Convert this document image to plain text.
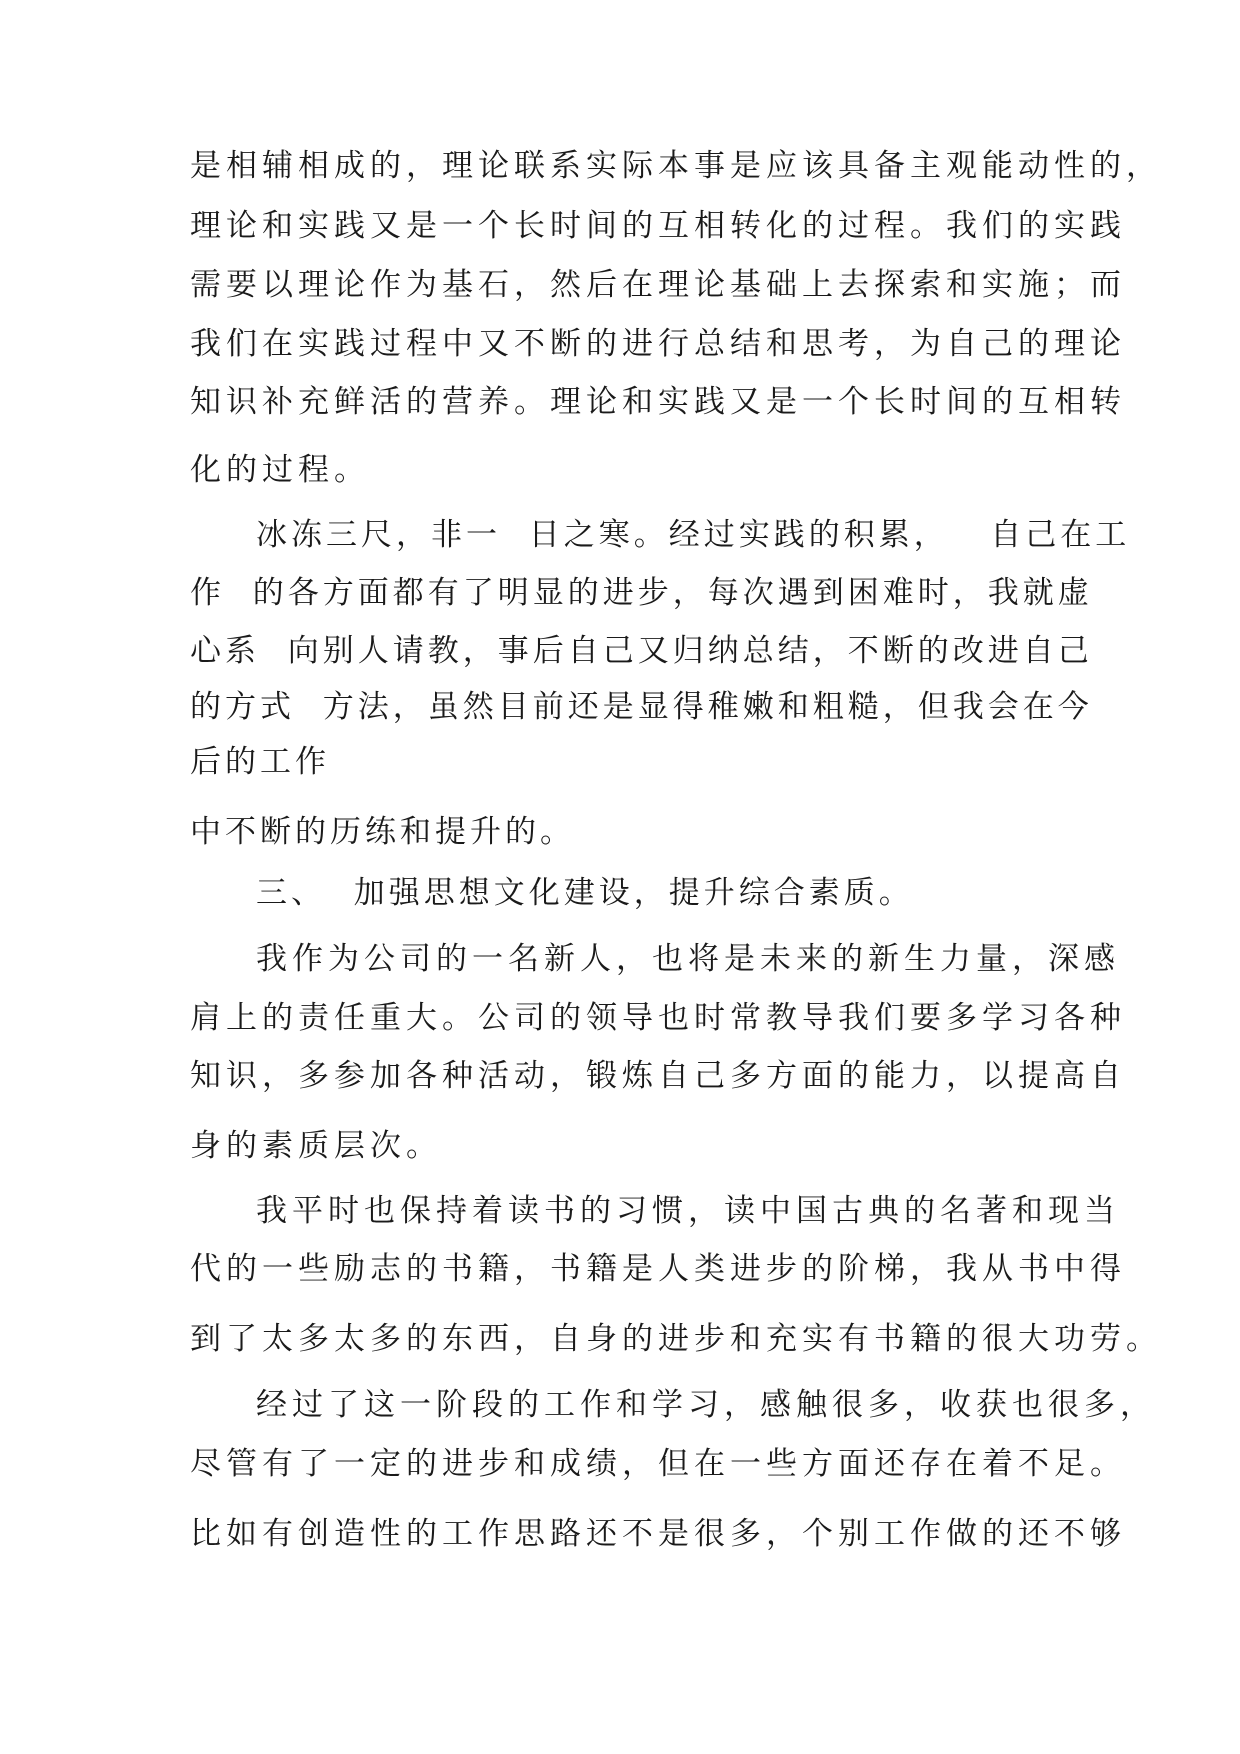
是相辅相成的，理论联系实际本事是应该具备主观能动性的，
理论和实践又是一个长时间的互相转化的过程。我们的实践
需要以理论作为基石，然后在理论基础上去探索和实施；而
我们在实践过程中又不断的进行总结和思考，为自己的理论
知识补充鲜活的营养。理论和实践又是一个长时间的互相转
化的过程。
冰冻三尺，非一  日之寒。经过实践的积累，   自己在工
作  的各方面都有了明显的进步，每次遇到困难时，我就虚
心系  向别人请教，事后自己又归纳总结，不断的改进自己
的方式  方法，虽然目前还是显得稚嫩和粗糙，但我会在今
后的工作
中不断的历练和提升的。
三、  加强思想文化建设，提升综合素质。
我作为公司的一名新人，也将是未来的新生力量，深感
肩上的责任重大。公司的领导也时常教导我们要多学习各种
知识，多参加各种活动，锻炼自己多方面的能力，以提高自
身的素质层次。
我平时也保持着读书的习惯，读中国古典的名著和现当
代的一些励志的书籍，书籍是人类进步的阶梯，我从书中得
到了太多太多的东西，自身的进步和充实有书籍的很大功劳。
经过了这一阶段的工作和学习，感触很多，收获也很多，
尽管有了一定的进步和成绩，但在一些方面还存在着不足。
比如有创造性的工作思路还不是很多，个别工作做的还不够
